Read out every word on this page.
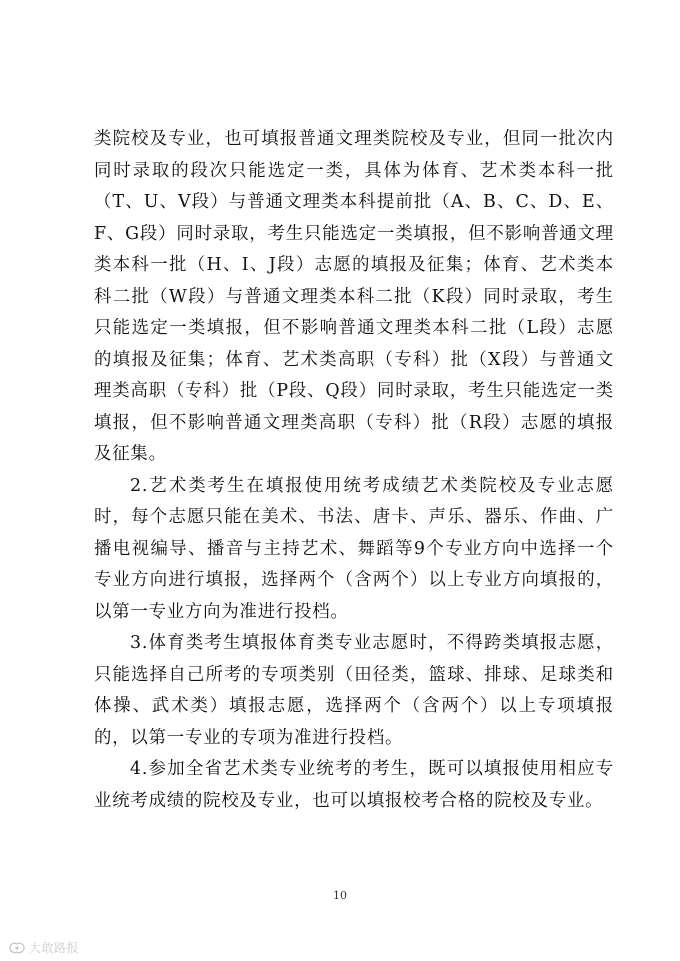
类院校及专业，也可填报普通文理类院校及专业，但同一批次内同时录取的段次只能选定一类，具体为体育、艺术类本科一批（T、U、V段）与普通文理类本科提前批（A、B、C、D、E、F、G段）同时录取，考生只能选定一类填报，但不影响普通文理类本科一批（H、I、J段）志愿的填报及征集；体育、艺术类本科二批（W段）与普通文理类本科二批（K段）同时录取，考生只能选定一类填报，但不影响普通文理类本科二批（L段）志愿的填报及征集；体育、艺术类高职（专科）批（X段）与普通文理类高职（专科）批（P段、Q段）同时录取，考生只能选定一类填报，但不影响普通文理类高职（专科）批（R段）志愿的填报及征集。

2.艺术类考生在填报使用统考成绩艺术类院校及专业志愿时，每个志愿只能在美术、书法、唐卡、声乐、器乐、作曲、广播电视编导、播音与主持艺术、舞蹈等9个专业方向中选择一个专业方向进行填报，选择两个（含两个）以上专业方向填报的，以第一专业方向为准进行投档。

3.体育类考生填报体育类专业志愿时，不得跨类填报志愿，只能选择自己所考的专项类别（田径类，篮球、排球、足球类和体操、武术类）填报志愿，选择两个（含两个）以上专项填报的，以第一专业的专项为准进行投档。

4.参加全省艺术类专业统考的考生，既可以填报使用相应专业统考成绩的院校及专业，也可以填报校考合格的院校及专业。

10
大敢路报
